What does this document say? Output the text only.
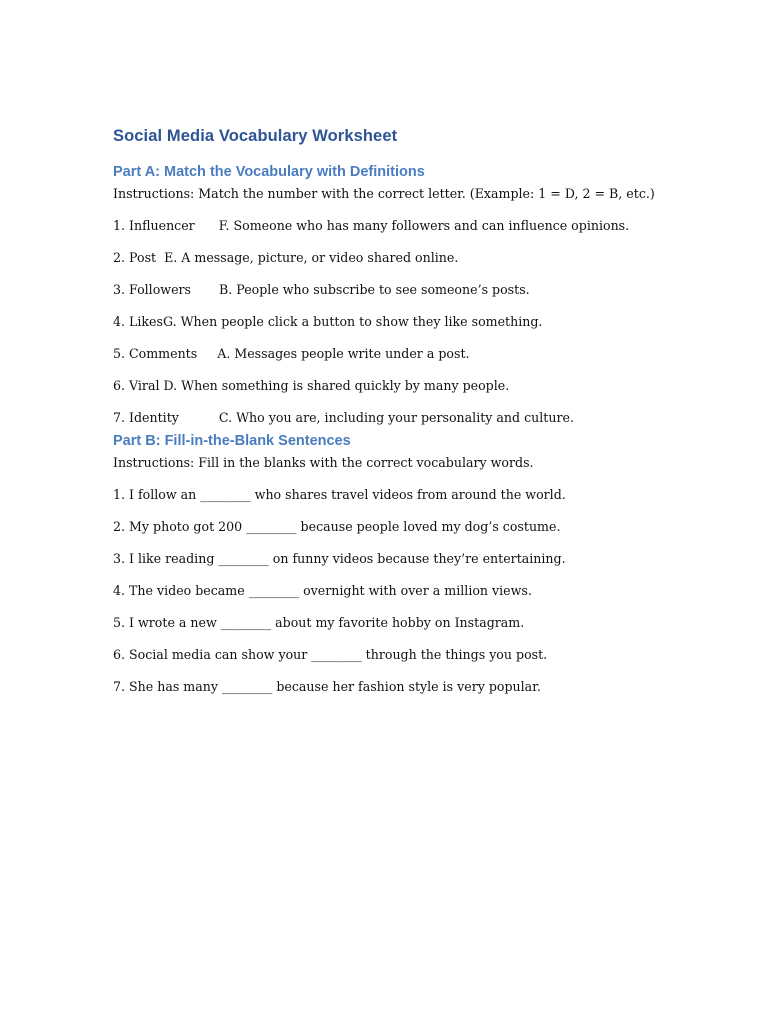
Social Media Vocabulary Worksheet
Part A: Match the Vocabulary with Definitions

Instructions: Match the number with the correct letter. (Example: 1 = D, 2 = B, etc.)

1. Influencer      F. Someone who has many followers and can influence opinions.

2. Post  E. A message, picture, or video shared online.

3. Followers       B. People who subscribe to see someone’s posts.

4. LikesG. When people click a button to show they like something.

5. Comments     A. Messages people write under a post.

6. Viral D. When something is shared quickly by many people.

7. Identity          C. Who you are, including your personality and culture.

Part B: Fill-in-the-Blank Sentences

Instructions: Fill in the blanks with the correct vocabulary words.

1. I follow an ________ who shares travel videos from around the world.

2. My photo got 200 ________ because people loved my dog’s costume.

3. I like reading ________ on funny videos because they’re entertaining.

4. The video became ________ overnight with over a million views.

5. I wrote a new ________ about my favorite hobby on Instagram.

6. Social media can show your ________ through the things you post.

7. She has many ________ because her fashion style is very popular.
